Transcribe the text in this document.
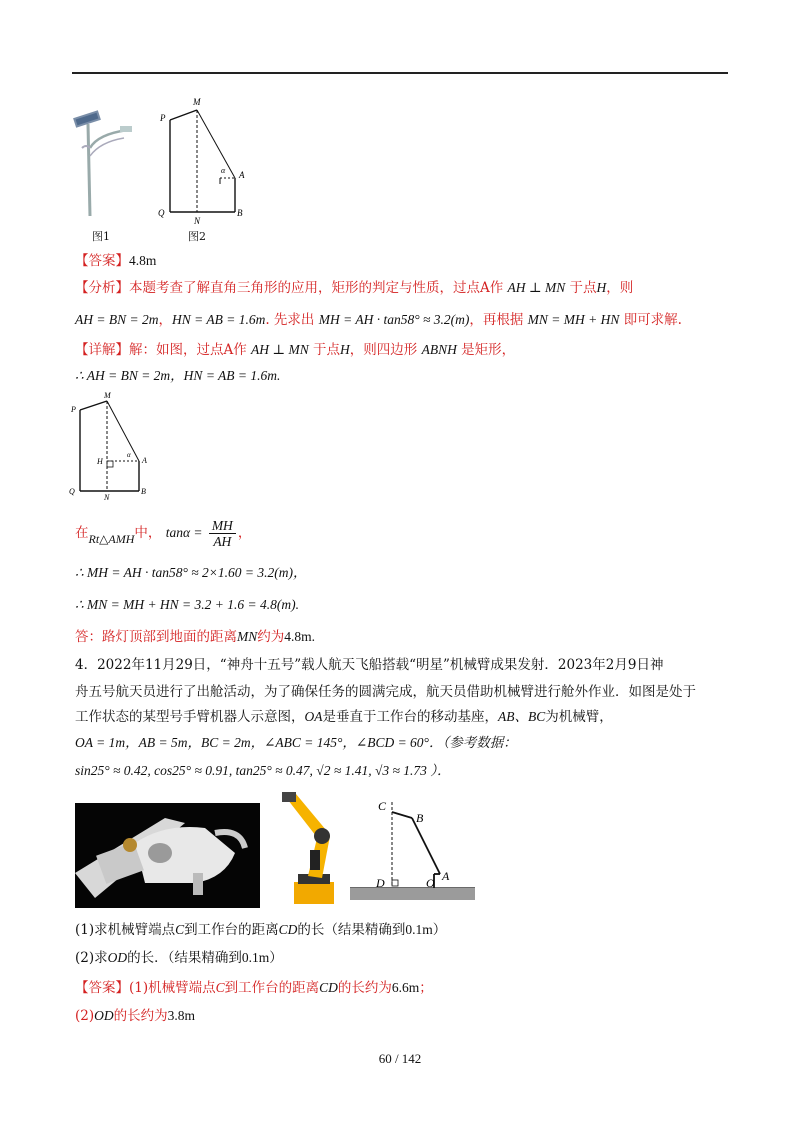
图1
M
P
α A
Q
N
B
图2
【答案】4.8m
【分析】本题考查了解直角三角形的应用，矩形的判定与性质，过点A作 AH ⊥ MN 于点H，则
AH = BN = 2m，HN = AB = 1.6m. 先求出 MH = AH · tan58° ≈ 3.2(m)，再根据 MN = MH + HN 即可求解.
【详解】解：如图，过点A作 AH ⊥ MN 于点H，则四边形 ABNH 是矩形，
∴ AH = BN = 2m，HN = AB = 1.6m.
M
P
H
α
A
Q
N
B
在Rt△AMH中， $\tan\alpha = \frac{MH}{AH}$ ，
∴ MH = AH · tan58° ≈ 2×1.60 = 3.2(m)，
∴ MN = MH + HN = 3.2 + 1.6 = 4.8(m).
答：路灯顶部到地面的距离MN约为4.8m.
4．2022年11月29日，“神舟十五号”载人航天飞船搭载“明星”机械臂成果发射．2023年2月9日神
舟五号航天员进行了出舱活动，为了确保任务的圆满完成，航天员借助机械臂进行舱外作业．如图是处于
工作状态的某型号手臂机器人示意图，OA是垂直于工作台的移动基座，AB、BC为机械臂，
OA = 1m，AB = 5m，BC = 2m，∠ABC = 145°，∠BCD = 60°．（参考数据：
sin25° ≈ 0.42, cos25° ≈ 0.91, tan25° ≈ 0.47, √2 ≈ 1.41, √3 ≈ 1.73 ）．
C
B
D	O A
(1)求机械臂端点C到工作台的距离CD的长（结果精确到0.1m）
(2)求OD的长．（结果精确到0.1m）
【答案】(1)机械臂端点C到工作台的距离CD的长约为6.6m；
(2)OD的长约为3.8m
60 / 142
